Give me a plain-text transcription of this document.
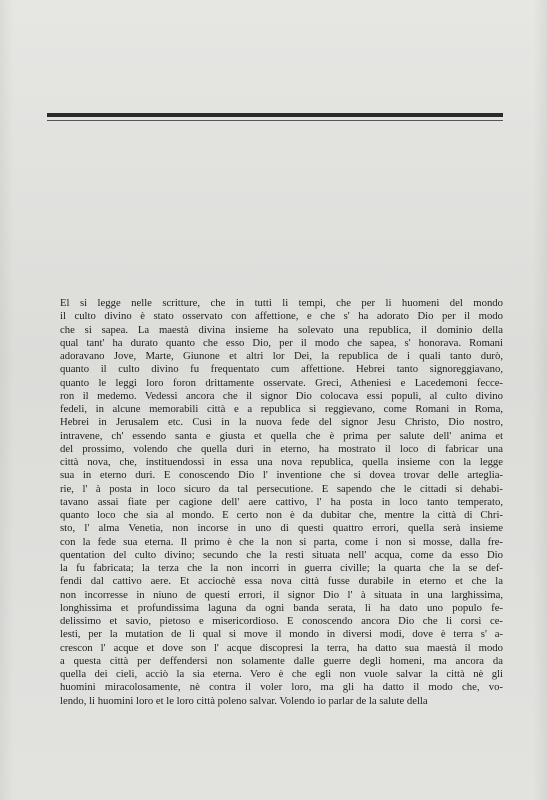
El si legge nelle scritture, che in tutti li tempi, che per li huomeni del mondo
il culto divino è stato osservato con affettione, e che s' ha adorato Dio per il modo
che si sapea. La maestà divina insieme ha solevato una republica, il dominio della
qual tant' ha durato quanto che esso Dio, per il modo che sapea, s' honorava. Romani
adoravano Jove, Marte, Giunone et altri lor Dei, la republica de i quali tanto durò,
quanto il culto divino fu frequentato cum affettione. Hebrei tanto signoreggiavano,
quanto le leggi loro foron drittamente osservate. Greci, Atheniesi e Lacedemoni fecce-
ron il medemo. Vedessi ancora che il signor Dio colocava essi populi, al culto divino
fedeli, in alcune memorabili città e a republica si reggievano, come Romani in Roma,
Hebrei in Jerusalem etc. Cusì in la nuova fede del signor Jesu Christo, Dio nostro,
intravene, ch' essendo santa e giusta et quella che è prima per salute dell' anima et
del prossimo, volendo che quella duri in eterno, ha mostrato il loco di fabricar una
città nova, che, instituendossi in essa una nova republica, quella insieme con la legge
sua in eterno duri. E conoscendo Dio l' inventione che si dovea trovar delle artegliа-
rie, l' à posta in loco sicuro da tal persecutione. E sapendo che le cittadi si dehabi-
tavano assai fiate per cagione dell' aere cattivo, l' ha posta in loco tanto temperato,
quanto loco che sia al mondo. E certo non è da dubitar che, mentre la città di Chri-
sto, l' alma Venetia, non incorse in uno di questi quattro errori, quella serà insieme
con la fede sua eterna. Il primo è che la non si parta, come i non si mosse, dalla fre-
quentation del culto divino; secundo che la resti situata nell' acqua, come da esso Dio
la fu fabricata; la terza che la non incorri in guerra civille; la quarta che la se def-
fendi dal cattivo aere. Et acciochè essa nova città fusse durabile in eterno et che la
non incorresse in niuno de questi errori, il signor Dio l' à situata in una larghissima,
longhissima et profundissima laguna da ogni banda serata, li ha dato uno populo fe-
delissimo et savio, pietoso e misericordioso. E conoscendo ancora Dio che li corsi ce-
lesti, per la mutation de li qual si move il mondo in diversi modi, dove è terra s' a-
crescon l' acque et dove son l' acque discopresi la terra, ha datto sua maestà il modo
a questa città per deffendersi non solamente dalle guerre degli homeni, ma ancora da
quella dei cieli, acciò la sia eterna. Vero è che egli non vuole salvar la città nè gli
huomini miracolosamente, nè contra il voler loro, ma gli ha datto il modo che, vo-
lendo, li huomini loro et le loro città poleno salvar. Volendo io parlar de la salute della
